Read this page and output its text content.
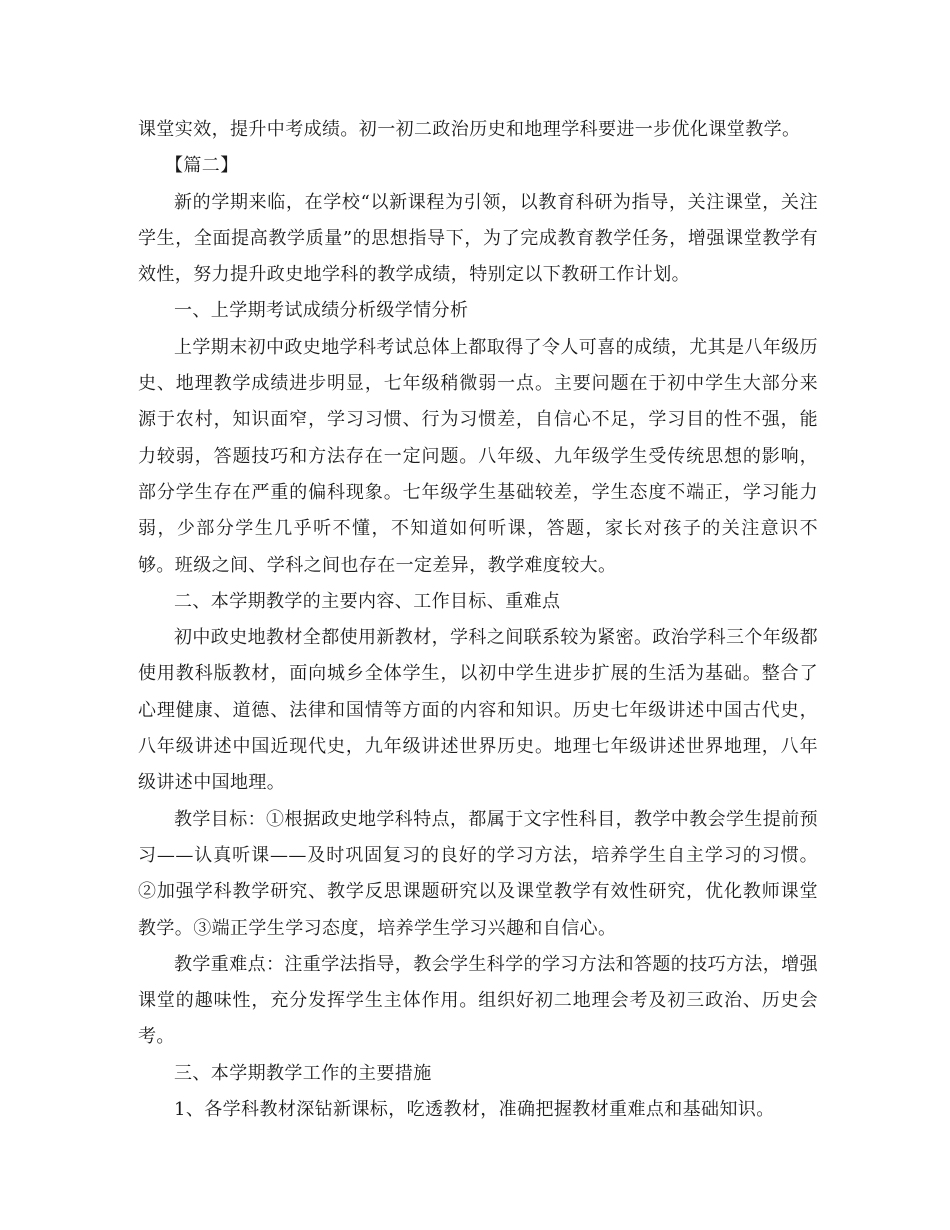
课堂实效，提升中考成绩。初一初二政治历史和地理学科要进一步优化课堂教学。

【篇二】

新的学期来临，在学校“以新课程为引领，以教育科研为指导，关注课堂，关注学生，全面提高教学质量”的思想指导下，为了完成教育教学任务，增强课堂教学有效性，努力提升政史地学科的教学成绩，特别定以下教研工作计划。

一、上学期考试成绩分析级学情分析

上学期末初中政史地学科考试总体上都取得了令人可喜的成绩，尤其是八年级历史、地理教学成绩进步明显，七年级稍微弱一点。主要问题在于初中学生大部分来源于农村，知识面窄，学习习惯、行为习惯差，自信心不足，学习目的性不强，能力较弱，答题技巧和方法存在一定问题。八年级、九年级学生受传统思想的影响，部分学生存在严重的偏科现象。七年级学生基础较差，学生态度不端正，学习能力弱，少部分学生几乎听不懂，不知道如何听课，答题，家长对孩子的关注意识不够。班级之间、学科之间也存在一定差异，教学难度较大。

二、本学期教学的主要内容、工作目标、重难点

初中政史地教材全都使用新教材，学科之间联系较为紧密。政治学科三个年级都使用教科版教材，面向城乡全体学生，以初中学生进步扩展的生活为基础。整合了心理健康、道德、法律和国情等方面的内容和知识。历史七年级讲述中国古代史，八年级讲述中国近现代史，九年级讲述世界历史。地理七年级讲述世界地理，八年级讲述中国地理。

教学目标：①根据政史地学科特点，都属于文字性科目，教学中教会学生提前预习——认真听课——及时巩固复习的良好的学习方法，培养学生自主学习的习惯。②加强学科教学研究、教学反思课题研究以及课堂教学有效性研究，优化教师课堂教学。③端正学生学习态度，培养学生学习兴趣和自信心。

教学重难点：注重学法指导，教会学生科学的学习方法和答题的技巧方法，增强课堂的趣味性，充分发挥学生主体作用。组织好初二地理会考及初三政治、历史会考。

三、本学期教学工作的主要措施

1、各学科教材深钻新课标，吃透教材，准确把握教材重难点和基础知识。
